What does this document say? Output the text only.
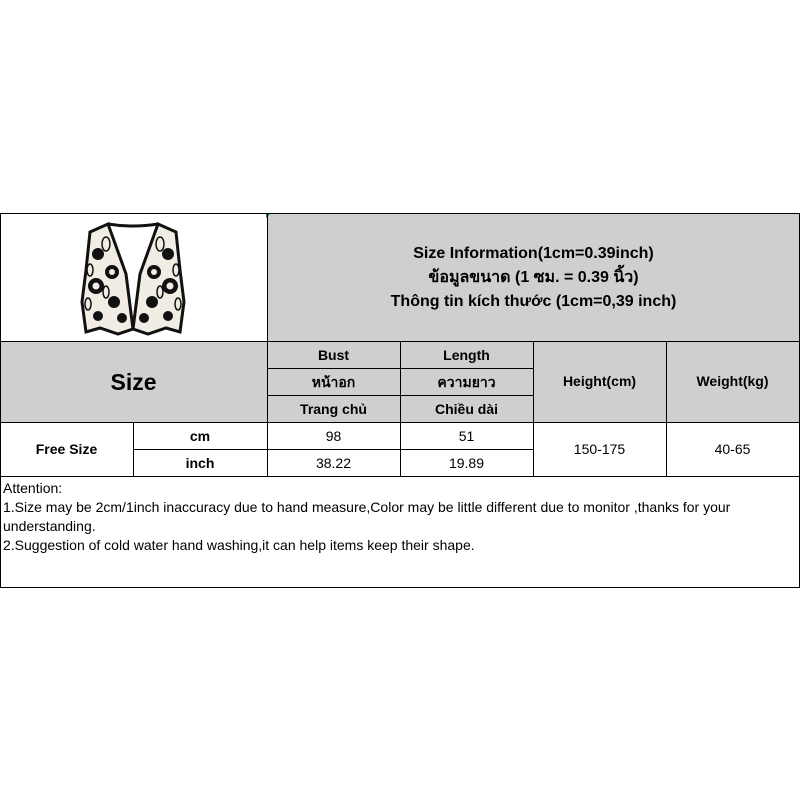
Size Information(1cm=0.39inch)
ข้อมูลขนาด (1 ซม. = 0.39 นิ้ว)
Thông tin kích thước (1cm=0,39 inch)
Size
Bust
หน้าอก
Trang chủ
Length
ความยาว
Chiều dài
Height(cm)	Weight(kg)
Free Size
cm
inch
98
38.22
51
19.89
150-175	40-65
Attention:
1.Size may be 2cm/1inch inaccuracy due to hand measure,Color may be little different due to monitor ,thanks for your understanding.
2.Suggestion of cold water hand washing,it can help items keep their shape.
